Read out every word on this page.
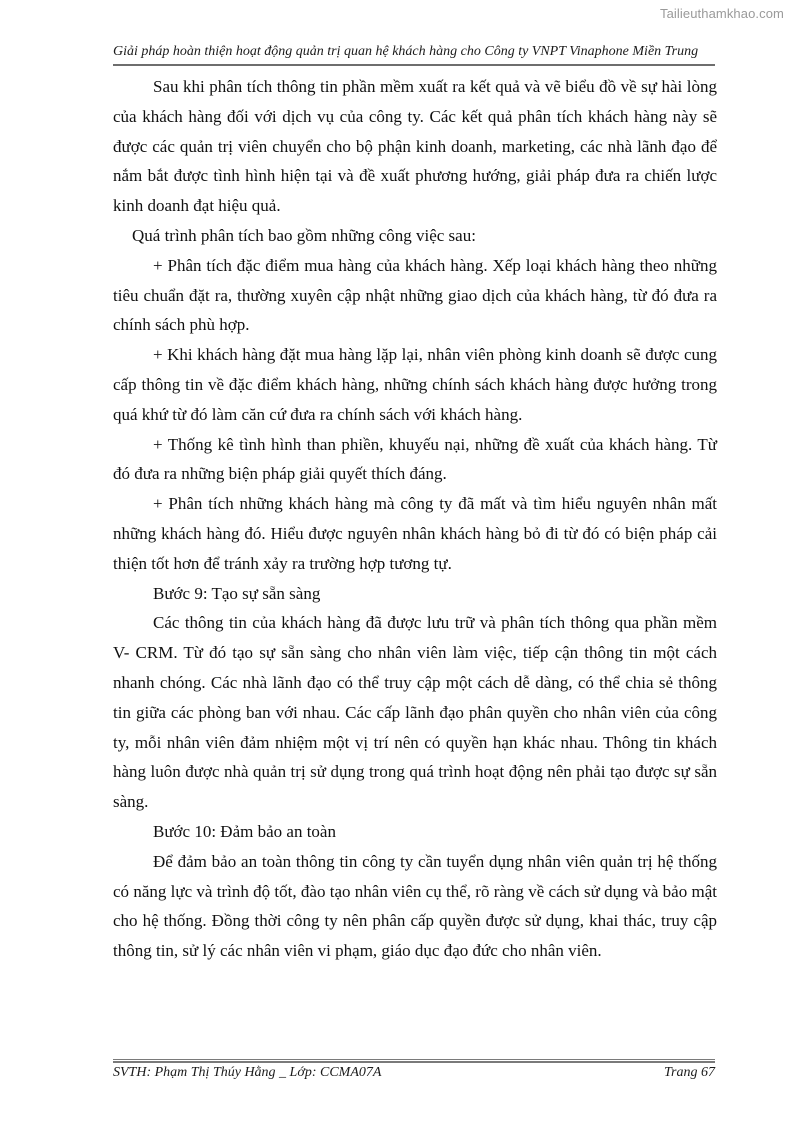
Tailieuthamkhao.com
Giải pháp hoàn thiện hoạt động quản trị quan hệ khách hàng cho Công ty VNPT Vinaphone Miền Trung

Sau khi phân tích thông tin phần mềm xuất ra kết quả và vẽ biểu đồ về sự hài lòng của khách hàng đối với dịch vụ của công ty. Các kết quả phân tích khách hàng này sẽ được các quản trị viên chuyển cho bộ phận kinh doanh, marketing, các nhà lãnh đạo để nắm bắt được tình hình hiện tại và đề xuất phương hướng, giải pháp đưa ra chiến lược kinh doanh đạt hiệu quả.

Quá trình phân tích bao gồm những công việc sau:

+ Phân tích đặc điểm mua hàng của khách hàng. Xếp loại khách hàng theo những tiêu chuẩn đặt ra, thường xuyên cập nhật những giao dịch của khách hàng, từ đó đưa ra chính sách phù hợp.

+ Khi khách hàng đặt mua hàng lặp lại, nhân viên phòng kinh doanh sẽ được cung cấp thông tin về đặc điểm khách hàng, những chính sách khách hàng được hưởng trong quá khứ từ đó làm căn cứ đưa ra chính sách với khách hàng.

+ Thống kê tình hình than phiền, khuyếu nại, những đề xuất của khách hàng. Từ đó đưa ra những biện pháp giải quyết thích đáng.

+ Phân tích những khách hàng mà công ty đã mất và tìm hiểu nguyên nhân mất những khách hàng đó. Hiểu được nguyên nhân khách hàng bỏ đi từ đó có biện pháp cải thiện tốt hơn để tránh xảy ra trường hợp tương tự.

Bước 9: Tạo sự sẵn sàng

Các thông tin của khách hàng đã được lưu trữ và phân tích thông qua phần mềm V- CRM. Từ đó tạo sự sẵn sàng cho nhân viên làm việc, tiếp cận thông tin một cách nhanh chóng. Các nhà lãnh đạo có thể truy cập một cách dễ dàng, có thể chia sẻ thông tin giữa các phòng ban với nhau. Các cấp lãnh đạo phân quyền cho nhân viên của công ty, mỗi nhân viên đảm nhiệm một vị trí nên có quyền hạn khác nhau. Thông tin khách hàng luôn được nhà quản trị sử dụng trong quá trình hoạt động nên phải tạo được sự sẵn sàng.

Bước 10: Đảm bảo an toàn

Để đảm bảo an toàn thông tin công ty cần tuyển dụng nhân viên quản trị hệ thống có năng lực và trình độ tốt, đào tạo nhân viên cụ thể, rõ ràng về cách sử dụng và bảo mật cho hệ thống. Đồng thời công ty nên phân cấp quyền được sử dụng, khai thác, truy cập thông tin, sử lý các nhân viên vi phạm, giáo dục đạo đức cho nhân viên.

SVTH: Phạm Thị Thúy Hằng _ Lớp: CCMA07A	Trang 67
